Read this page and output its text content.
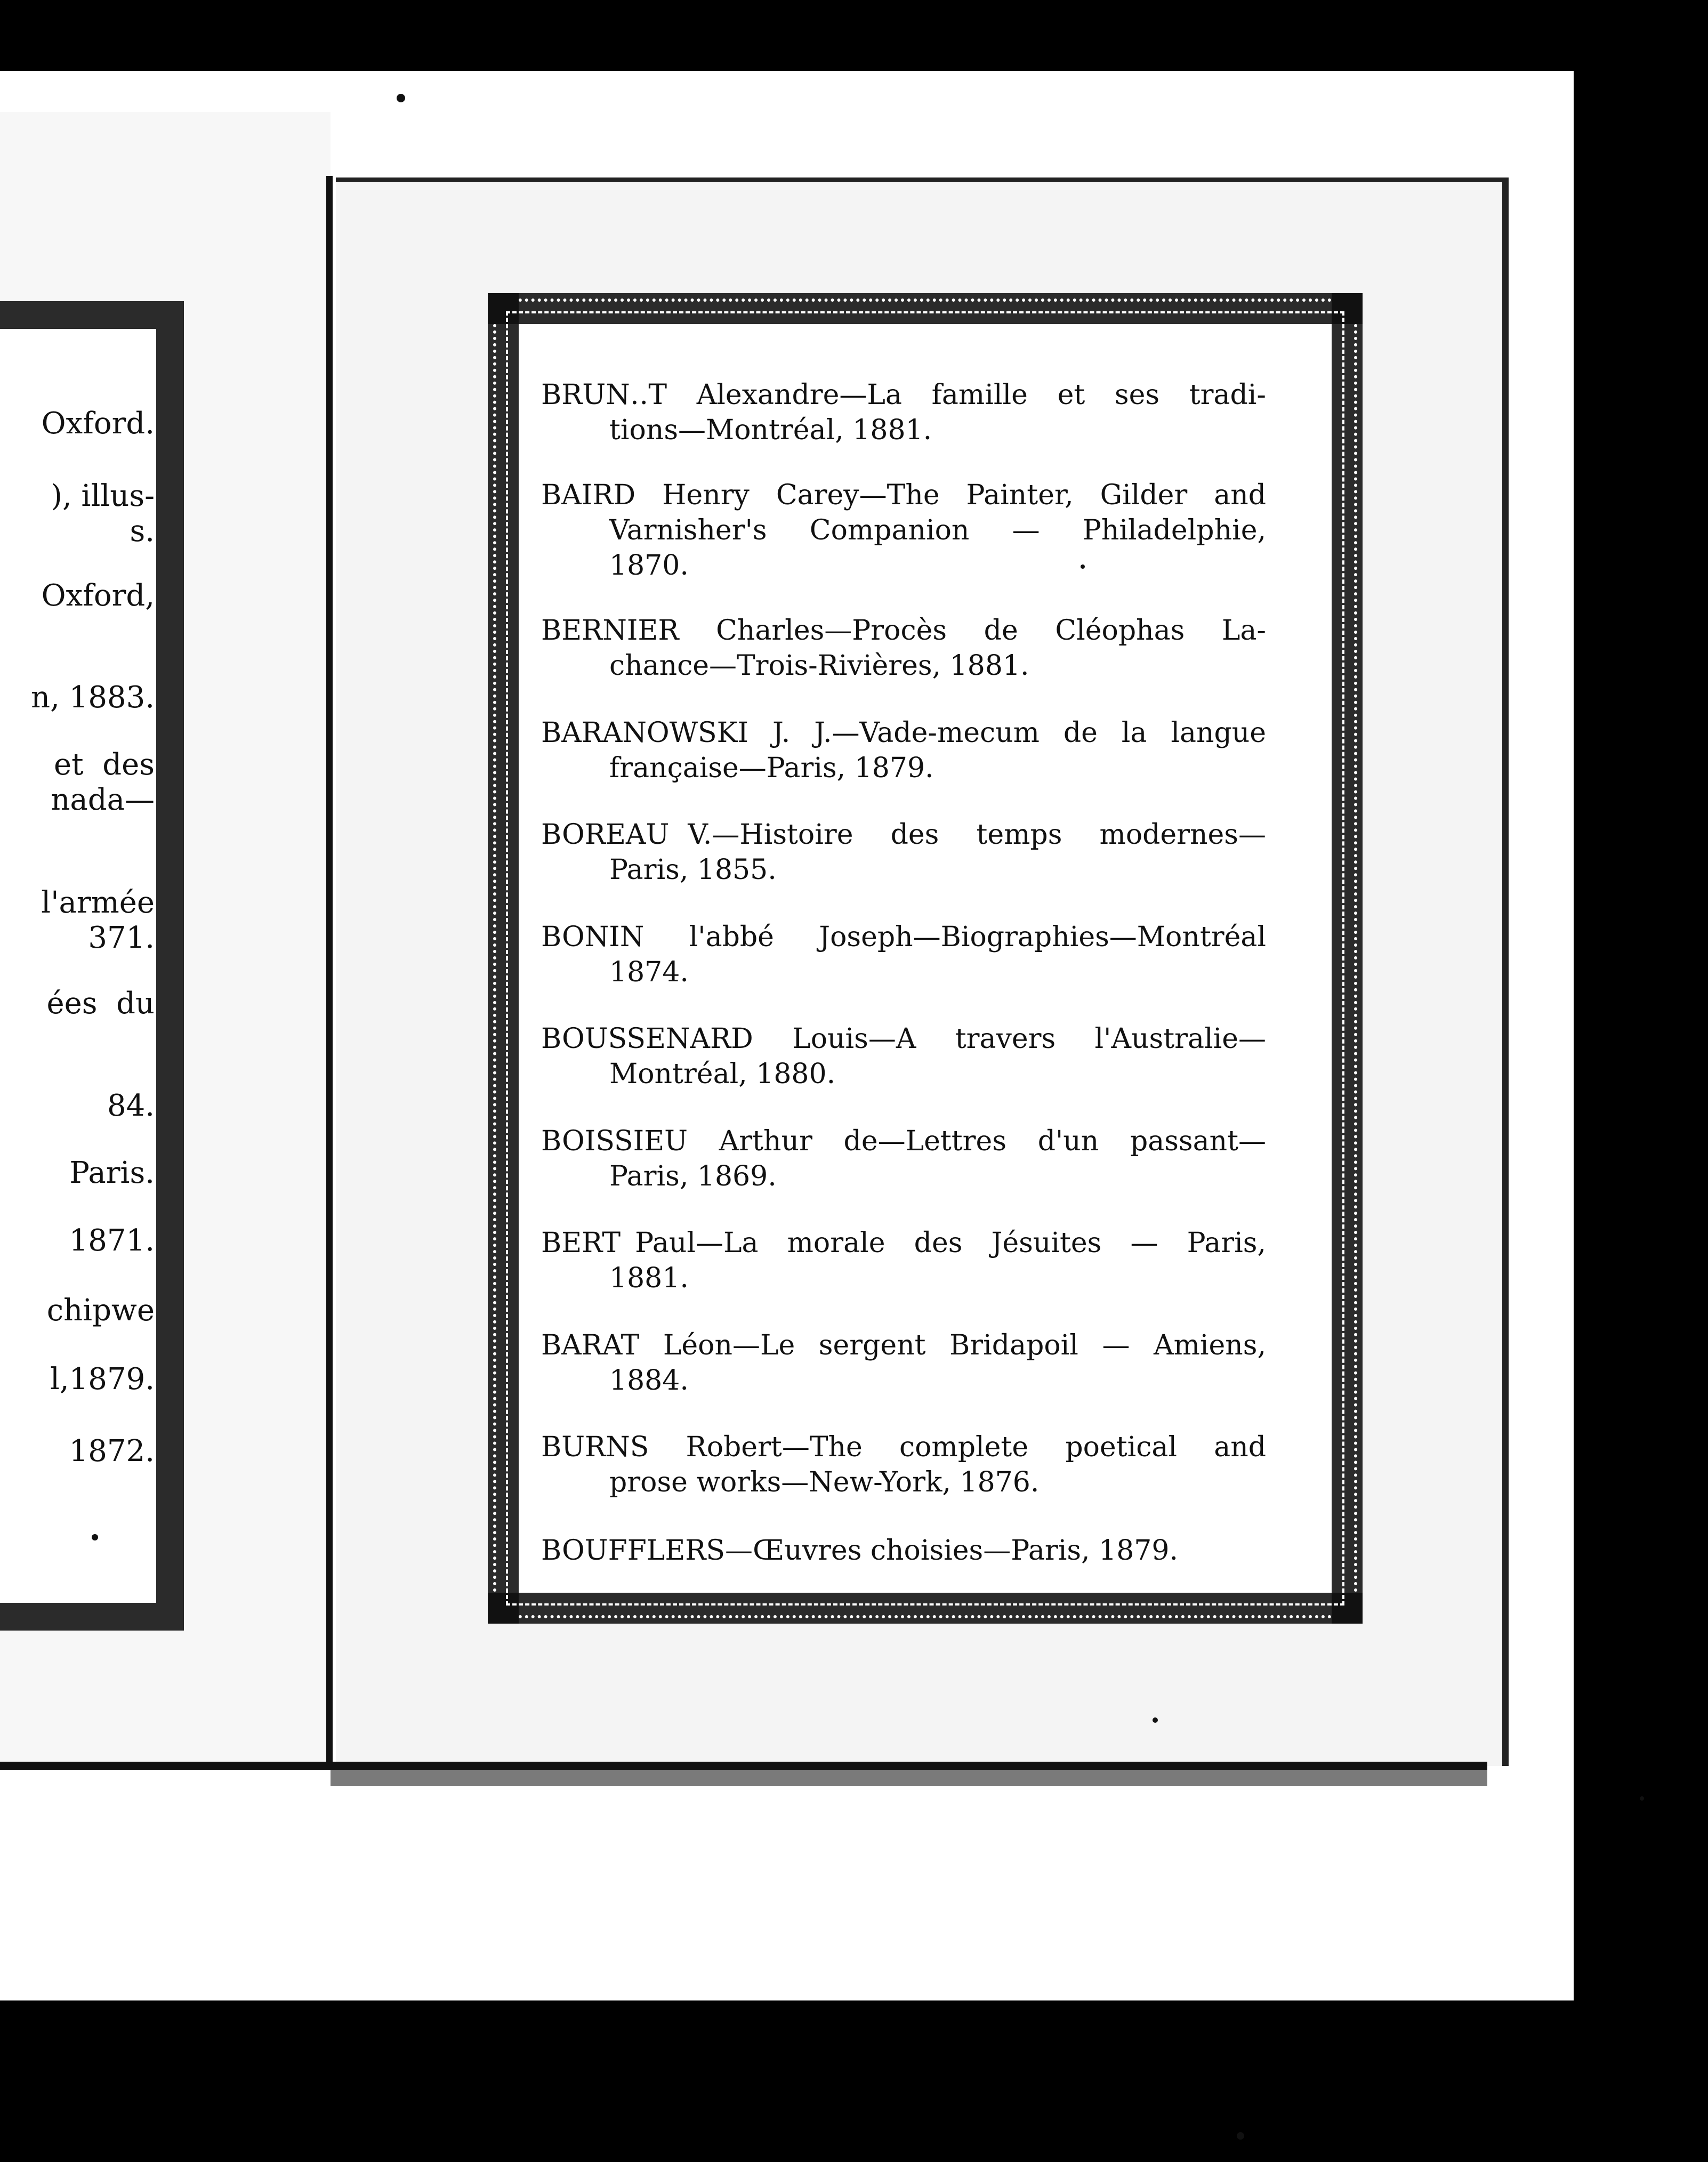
Oxford.
), illus-
s.
Oxford,
n, 1883.
et  des
nada—
l'armée
371.
ées  du
84.
Paris.
1871.
chipwe
l,1879.
1872.
BRUN‥T  Alexandre—La  famille  et  ses  tradi-
tions—Montréal, 1881.
BAIRD Henry Carey—The Painter, Gilder and
Varnisher's  Companion  —  Philadelphie,
1870.
BERNIER Charles—Procès de Cléophas La-
chance—Trois-Rivières, 1881.
BARANOWSKI J. J.—Vade-mecum de la langue
française—Paris, 1879.
BOREAU V.—Histoire  des  temps  modernes—
Paris, 1855.
BONIN l'abbé Joseph—Biographies—Montréal
1874.
BOUSSENARD Louis—A travers l'Australie—
Montréal, 1880.
BOISSIEU  Arthur  de—Lettres  d'un  passant—
Paris, 1869.
BERT Paul—La  morale  des  Jésuites  —  Paris,
1881.
BARAT Léon—Le sergent Bridapoil — Amiens,
1884.
BURNS  Robert—The  complete  poetical  and
prose works—New-York, 1876.
BOUFFLERS—Œuvres choisies—Paris, 1879.
